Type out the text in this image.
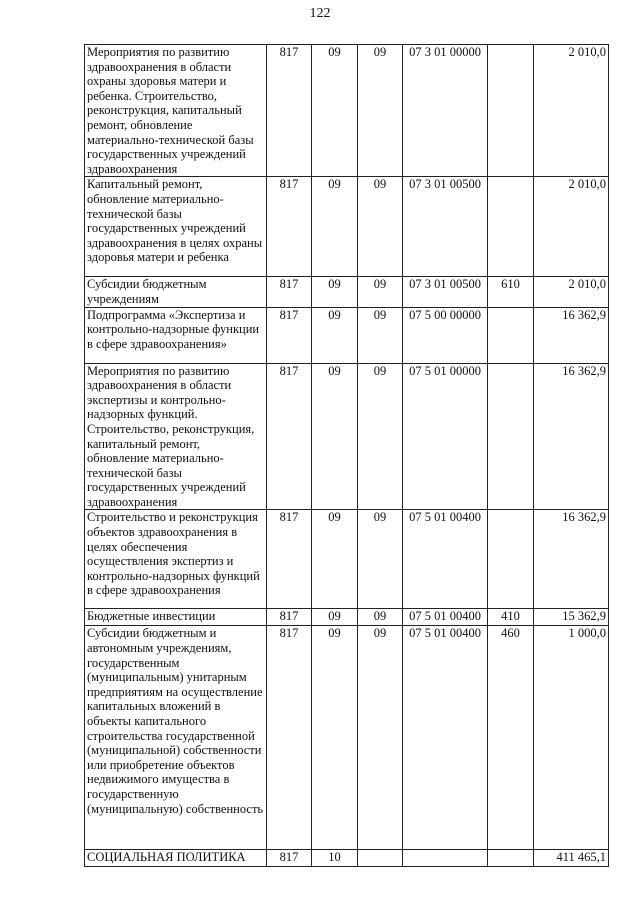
122
Мероприятия по развитию здравоохранения в области охраны здоровья матери и ребенка. Строительство, реконструкция, капитальный ремонт, обновление материально-технической базы государственных учреждений здравоохранения	817	09	09	07 3 01 00000		2 010,0
Капитальный ремонт, обновление материально-технической базы государственных учреждений здравоохранения в целях охраны здоровья матери и ребенка	817	09	09	07 3 01 00500		2 010,0
Субсидии бюджетным учреждениям	817	09	09	07 3 01 00500	610	2 010,0
Подпрограмма «Экспертиза и контрольно-надзорные функции в сфере здравоохранения»	817	09	09	07 5 00 00000		16 362,9
Мероприятия по развитию здравоохранения в области экспертизы и контрольно-надзорных функций. Строительство, реконструкция, капитальный ремонт, обновление материально-технической базы государственных учреждений здравоохранения	817	09	09	07 5 01 00000		16 362,9
Строительство и реконструкция объектов здравоохранения в целях обеспечения осуществления экспертиз и контрольно-надзорных функций в сфере здравоохранения	817	09	09	07 5 01 00400		16 362,9
Бюджетные инвестиции	817	09	09	07 5 01 00400	410	15 362,9
Субсидии бюджетным и автономным учреждениям, государственным (муниципальным) унитарным предприятиям на осуществление капитальных вложений в объекты капитального строительства государственной (муниципальной) собственности или приобретение объектов недвижимого имущества в государственную (муниципальную) собственность	817	09	09	07 5 01 00400	460	1 000,0
СОЦИАЛЬНАЯ ПОЛИТИКА	817	10				411 465,1
